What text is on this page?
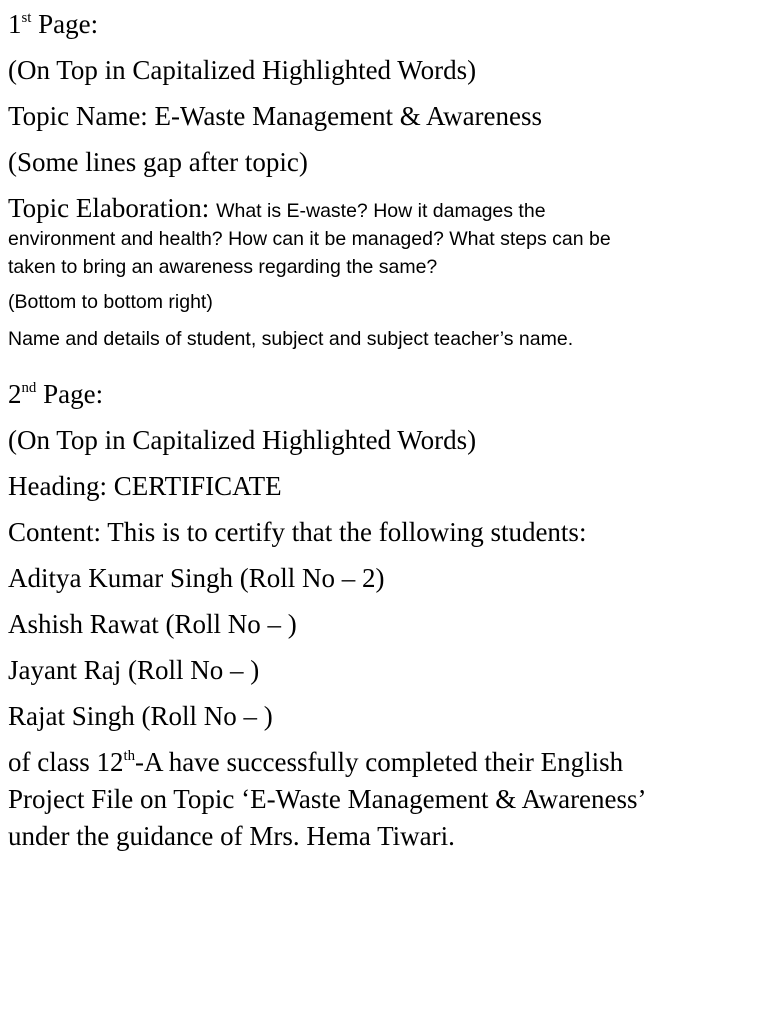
1st Page:

(On Top in Capitalized Highlighted Words)

Topic Name: E-Waste Management & Awareness

(Some lines gap after topic)

Topic Elaboration: What is E-waste? How it damages the

environment and health? How can it be managed? What steps can be

taken to bring an awareness regarding the same?

(Bottom to bottom right)

Name and details of student, subject and subject teacher’s name.

2nd Page:

(On Top in Capitalized Highlighted Words)

Heading: CERTIFICATE

Content: This is to certify that the following students:

Aditya Kumar Singh (Roll No – 2)

Ashish Rawat (Roll No – )

Jayant Raj (Roll No – )

Rajat Singh (Roll No – )

of class 12th-A have successfully completed their English

Project File on Topic ‘E-Waste Management & Awareness’

under the guidance of Mrs. Hema Tiwari.
